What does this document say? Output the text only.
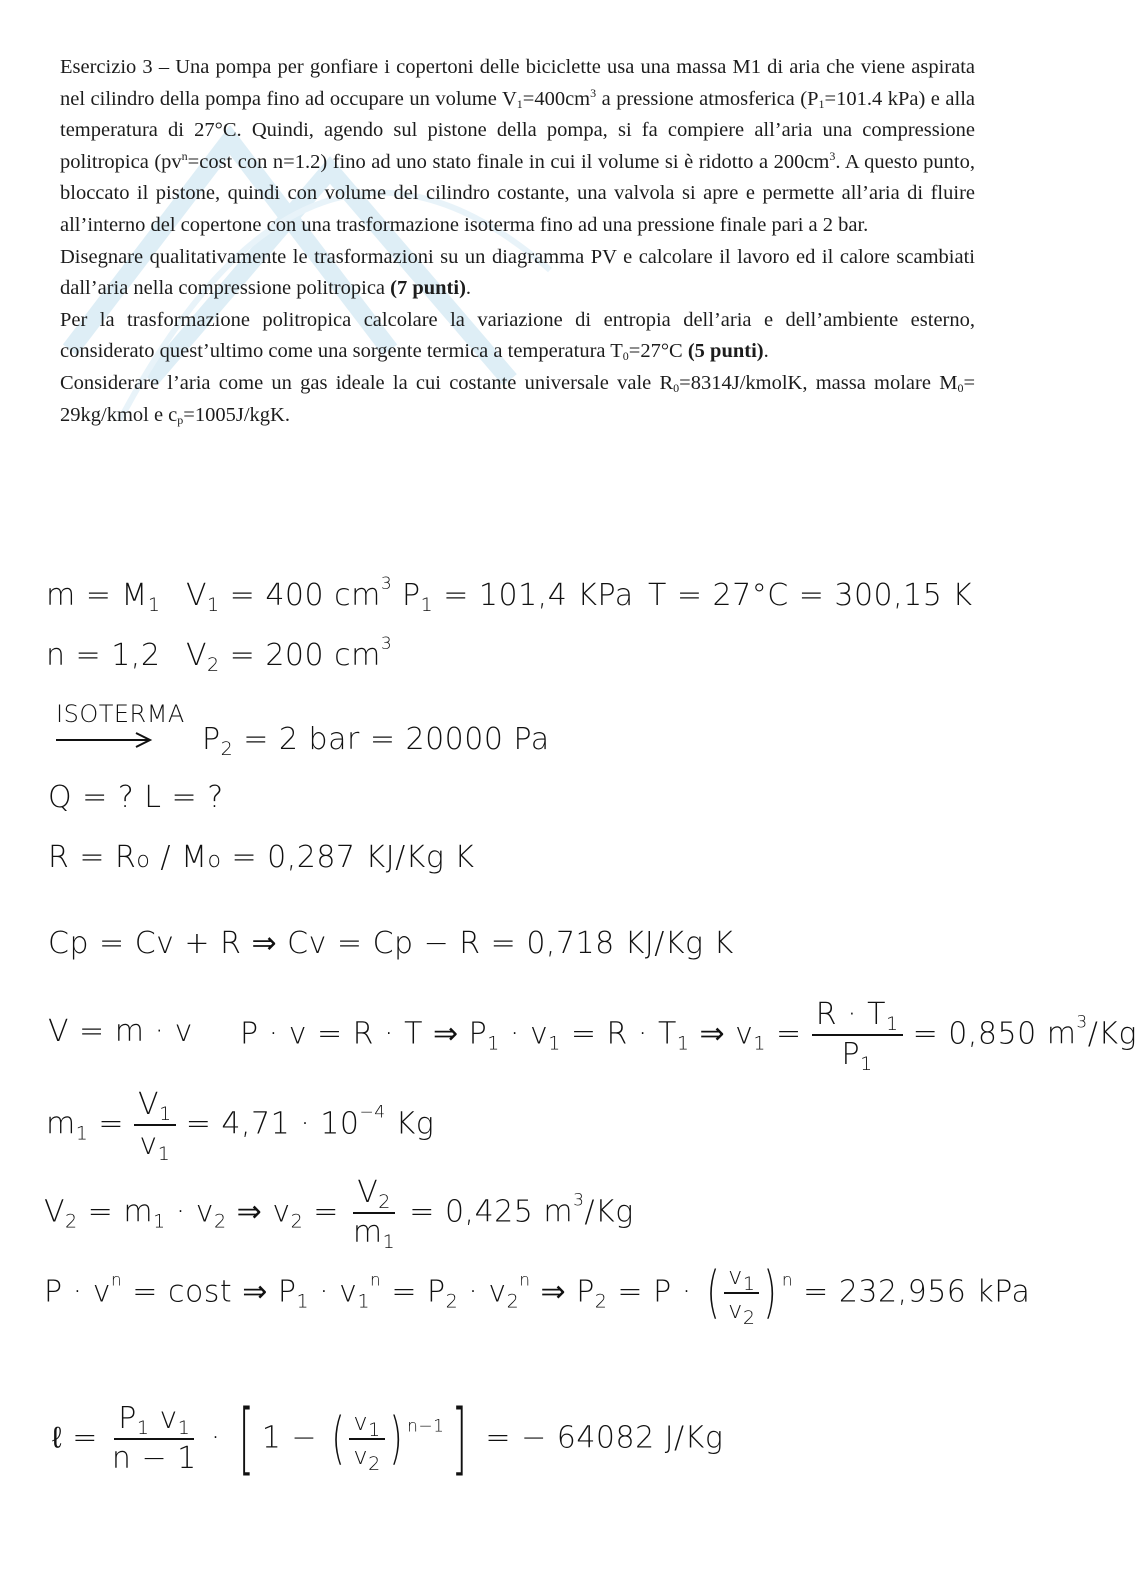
Esercizio 3 – Una pompa per gonfiare i copertoni delle biciclette usa una massa M1 di aria che viene aspirata nel cilindro della pompa fino ad occupare un volume $V_1=400cm^3$ a pressione atmosferica ($P_1=101.4$ kPa) e alla temperatura di 27°C. Quindi, agendo sul pistone della pompa, si fa compiere all’aria una compressione politropica ($pv^n=\cos t$ con n=1.2) fino ad uno stato finale in cui il volume si è ridotto a $200cm^3$. A questo punto, bloccato il pistone, quindi con volume del cilindro costante, una valvola si apre e permette all’aria di fluire all’interno del copertone con una trasformazione isoterma fino ad una pressione finale pari a 2 bar.

Disegnare qualitativamente le trasformazioni su un diagramma PV e calcolare il lavoro ed il calore scambiati dall’aria nella compressione politropica (7 punti).

Per la trasformazione politropica calcolare la variazione di entropia dell’aria e dell’ambiente esterno, considerato quest’ultimo come una sorgente termica a temperatura $T_0=27^\circ C$ (5 punti).

Considerare l’aria come un gas ideale la cui costante universale vale $R_0=8314J$/kmolK, massa molare $M_0=$ 29kg/kmol e $c_p=1005J$/kgK.

$m = M_1$ $V_1 = 400$ $cm^3$ $P_1 = 101,4$ KPa T = 27°C = 300,15 K
n = 1,2 $V_2 = 200$ $cm^3$
ISOTERMA
$P_2 = 2$ bar = 20000 Pa
Q = ? L = ?
R = Ro / Mo = 0,287 KJ/Kg K
Cp = Cv + R ⇒ Cv = Cp − R = 0,718 KJ/Kg K
V = m · v P · v = R · T ⇒ $P_1 \cdot v_1 = R \cdot T_1$ ⇒ $v_1 = \frac{R \cdot T_1}{P_1} = 0,850$ $m^3/Kg$
$m_1 = \frac{V_1}{v_1} = 4,71 \cdot 10^{-4}$ Kg
$V_2 = m_1 \cdot v_2$ ⇒ $v_2 = \frac{V_2}{m_1} = 0,425$ $m^3/Kg$
$P \cdot v^n = \cos t$ ⇒ $P_1 \cdot v_1^n = P_2 \cdot v_2^n$ ⇒ $P_2 = P$ · ( $\frac{v_1}{v_2}$ ) $^n$ = 232,956 kPa
ℓ = $\frac{P_1 v_1}{n - 1}$ · [ 1 − ( $\frac{v_1}{v_2}$ ) $^{n-1}$] = − 64082 J/Kg
